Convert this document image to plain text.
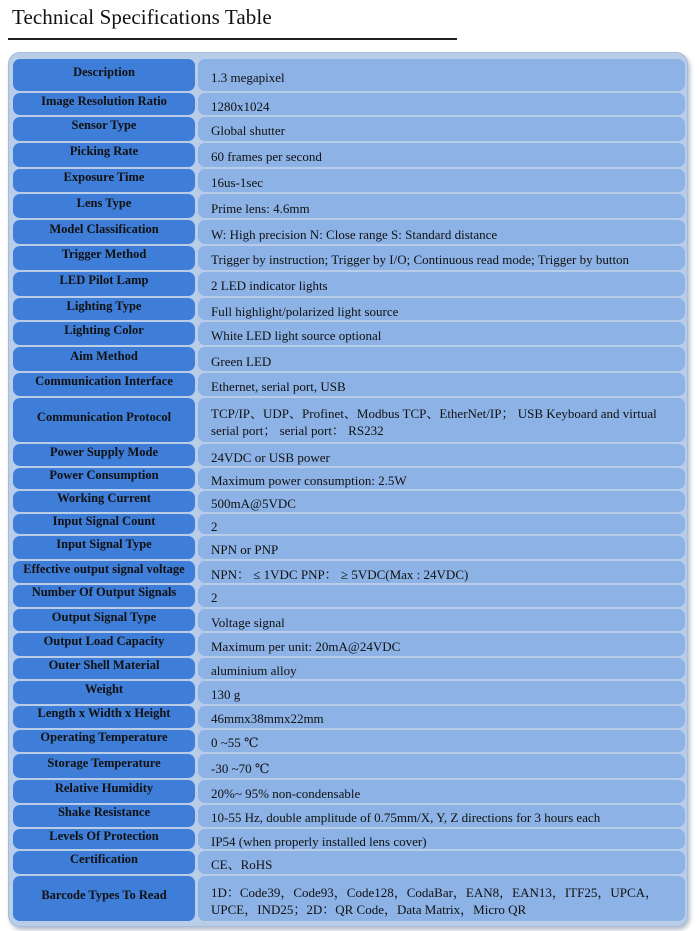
Technical Specifications Table
Description		1.3 megapixel

Image Resolution Ratio		1280x1024

Sensor Type		Global shutter

Picking Rate		60 frames per second

Exposure Time		16us-1sec

Lens Type		Prime lens: 4.6mm

Model Classification		W: High precision N: Close range S: Standard distance

Trigger Method		Trigger by instruction; Trigger by I/O; Continuous read mode; Trigger by button

LED Pilot Lamp		2 LED indicator lights

Lighting Type		Full highlight/polarized light source

Lighting Color		White LED light source optional

Aim Method		Green LED

Communication Interface		Ethernet, serial port, USB

Communication Protocol		TCP/IP、UDP、Profinet、Modbus TCP、EtherNet/IP； USB Keyboard and virtual serial port； serial port： RS232

Power Supply Mode		24VDC or USB power

Power Consumption		Maximum power consumption: 2.5W

Working Current		500mA@5VDC

Input Signal Count		2

Input Signal Type		NPN or PNP

Effective output signal voltage		NPN： ≤ 1VDC PNP： ≥ 5VDC(Max : 24VDC)

Number Of Output Signals		2

Output Signal Type		Voltage signal

Output Load Capacity		Maximum per unit: 20mA@24VDC

Outer Shell Material		aluminium alloy

Weight		130 g

Length x Width x Height		46mmx38mmx22mm

Operating Temperature		0 ~55 ℃

Storage Temperature		-30 ~70 ℃

Relative Humidity		20%~ 95% non-condensable

Shake Resistance		10-55 Hz, double amplitude of 0.75mm/X, Y, Z directions for 3 hours each

Levels Of Protection		IP54 (when properly installed lens cover)

Certification		CE、RoHS

Barcode Types To Read		1D：Code39，Code93，Code128，CodaBar，EAN8，EAN13，ITF25，UPCA，UPCE，IND25；2D：QR Code，Data Matrix，Micro QR
